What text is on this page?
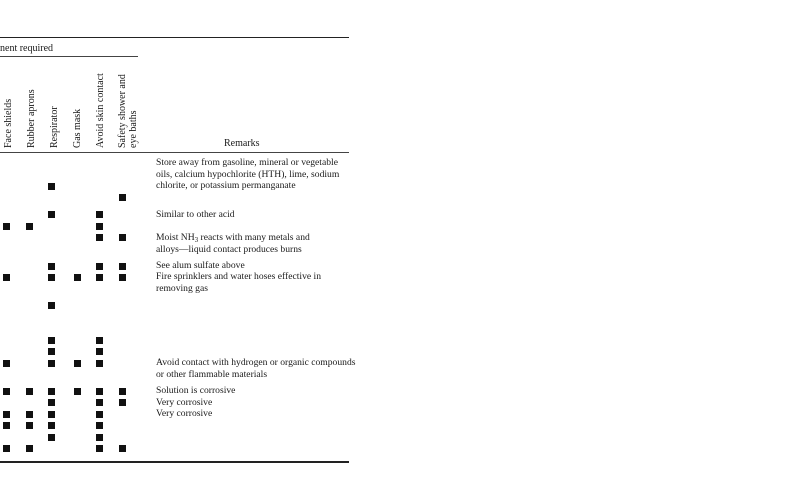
nent required
Face shields Rubber aprons Respirator Gas mask Avoid skin contact Safety shower and eye baths	Remarks
Store away from gasoline, mineral or vegetable oils, calcium hypochlorite (HTH), lime, sodium chlorite, or potassium permanganate
Similar to other acid
Moist $NH_3$ reacts with many metals and
alloys—liquid contact produces burns
See alum sulfate above
Fire sprinklers and water hoses effective in removing gas
Avoid contact with hydrogen or organic compounds or other flammable materials
Solution is corrosive
Very corrosive
Very corrosive
